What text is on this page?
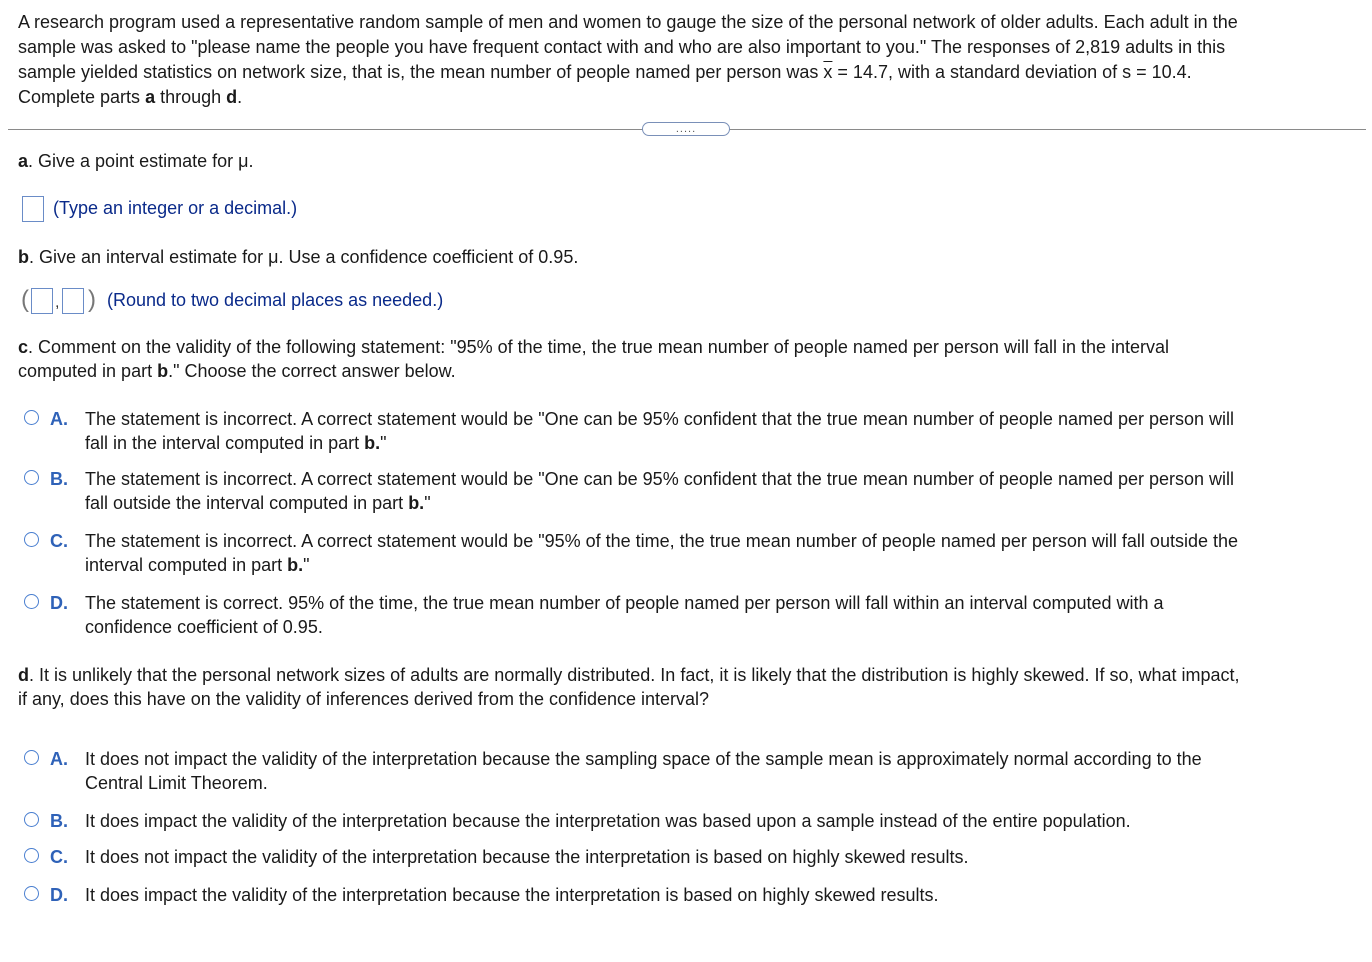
A research program used a representative random sample of men and women to gauge the size of the personal network of older adults. Each adult in the
sample was asked to "please name the people you have frequent contact with and who are also important to you." The responses of 2,819 adults in this
sample yielded statistics on network size, that is, the mean number of people named per person was $\overline{x} = 14.7$, with a standard deviation of s = 10.4.
Complete parts a through d.
.....
a. Give a point estimate for μ.
(Type an integer or a decimal.)
b. Give an interval estimate for μ. Use a confidence coefficient of 0.95.
( , ) (Round to two decimal places as needed.)
c. Comment on the validity of the following statement: "95% of the time, the true mean number of people named per person will fall in the interval
computed in part b." Choose the correct answer below.
A. The statement is incorrect. A correct statement would be "One can be 95% confident that the true mean number of people named per person will
fall in the interval computed in part b."
B. The statement is incorrect. A correct statement would be "One can be 95% confident that the true mean number of people named per person will
fall outside the interval computed in part b."
C. The statement is incorrect. A correct statement would be "95% of the time, the true mean number of people named per person will fall outside the
interval computed in part b."
D. The statement is correct. 95% of the time, the true mean number of people named per person will fall within an interval computed with a
confidence coefficient of 0.95.
d. It is unlikely that the personal network sizes of adults are normally distributed. In fact, it is likely that the distribution is highly skewed. If so, what impact,
if any, does this have on the validity of inferences derived from the confidence interval?
A. It does not impact the validity of the interpretation because the sampling space of the sample mean is approximately normal according to the
Central Limit Theorem.
B. It does impact the validity of the interpretation because the interpretation was based upon a sample instead of the entire population.
C. It does not impact the validity of the interpretation because the interpretation is based on highly skewed results.
D. It does impact the validity of the interpretation because the interpretation is based on highly skewed results.
